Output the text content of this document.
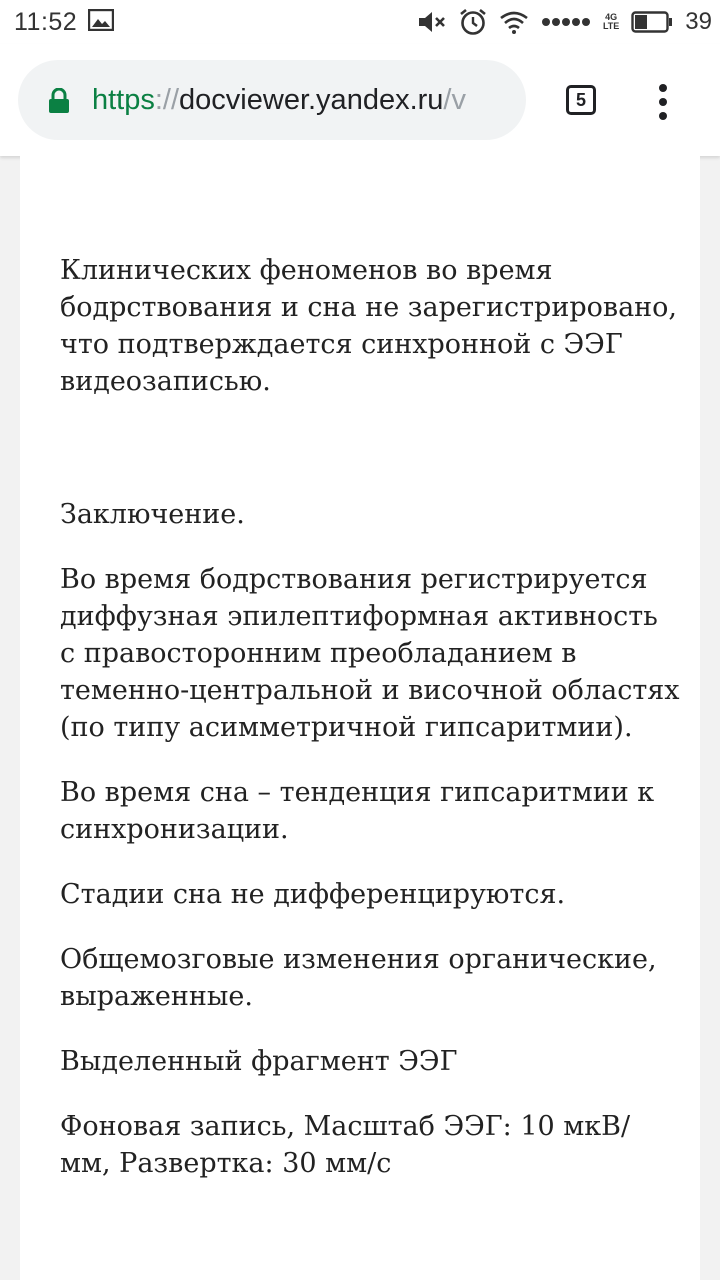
11:52	4G
LTE	39
https://docviewer.yandex.ru/v	5

Клинических феноменов во время бодрствования и сна не зарегистрировано, что подтверждается синхронной с ЭЭГ видеозаписью.

Заключение.

Во время бодрствования регистрируется диффузная эпилептиформная активность с правосторонним преобладанием в теменно-центральной и височной областях (по типу асимметричной гипсаритмии).

Во время сна – тенденция гипсаритмии к синхронизации.

Стадии сна не дифференцируются.

Общемозговые изменения органические, выраженные.

Выделенный фрагмент ЭЭГ

Фоновая запись, Масштаб ЭЭГ: 10 мкВ/мм, Развертка: 30 мм/с
